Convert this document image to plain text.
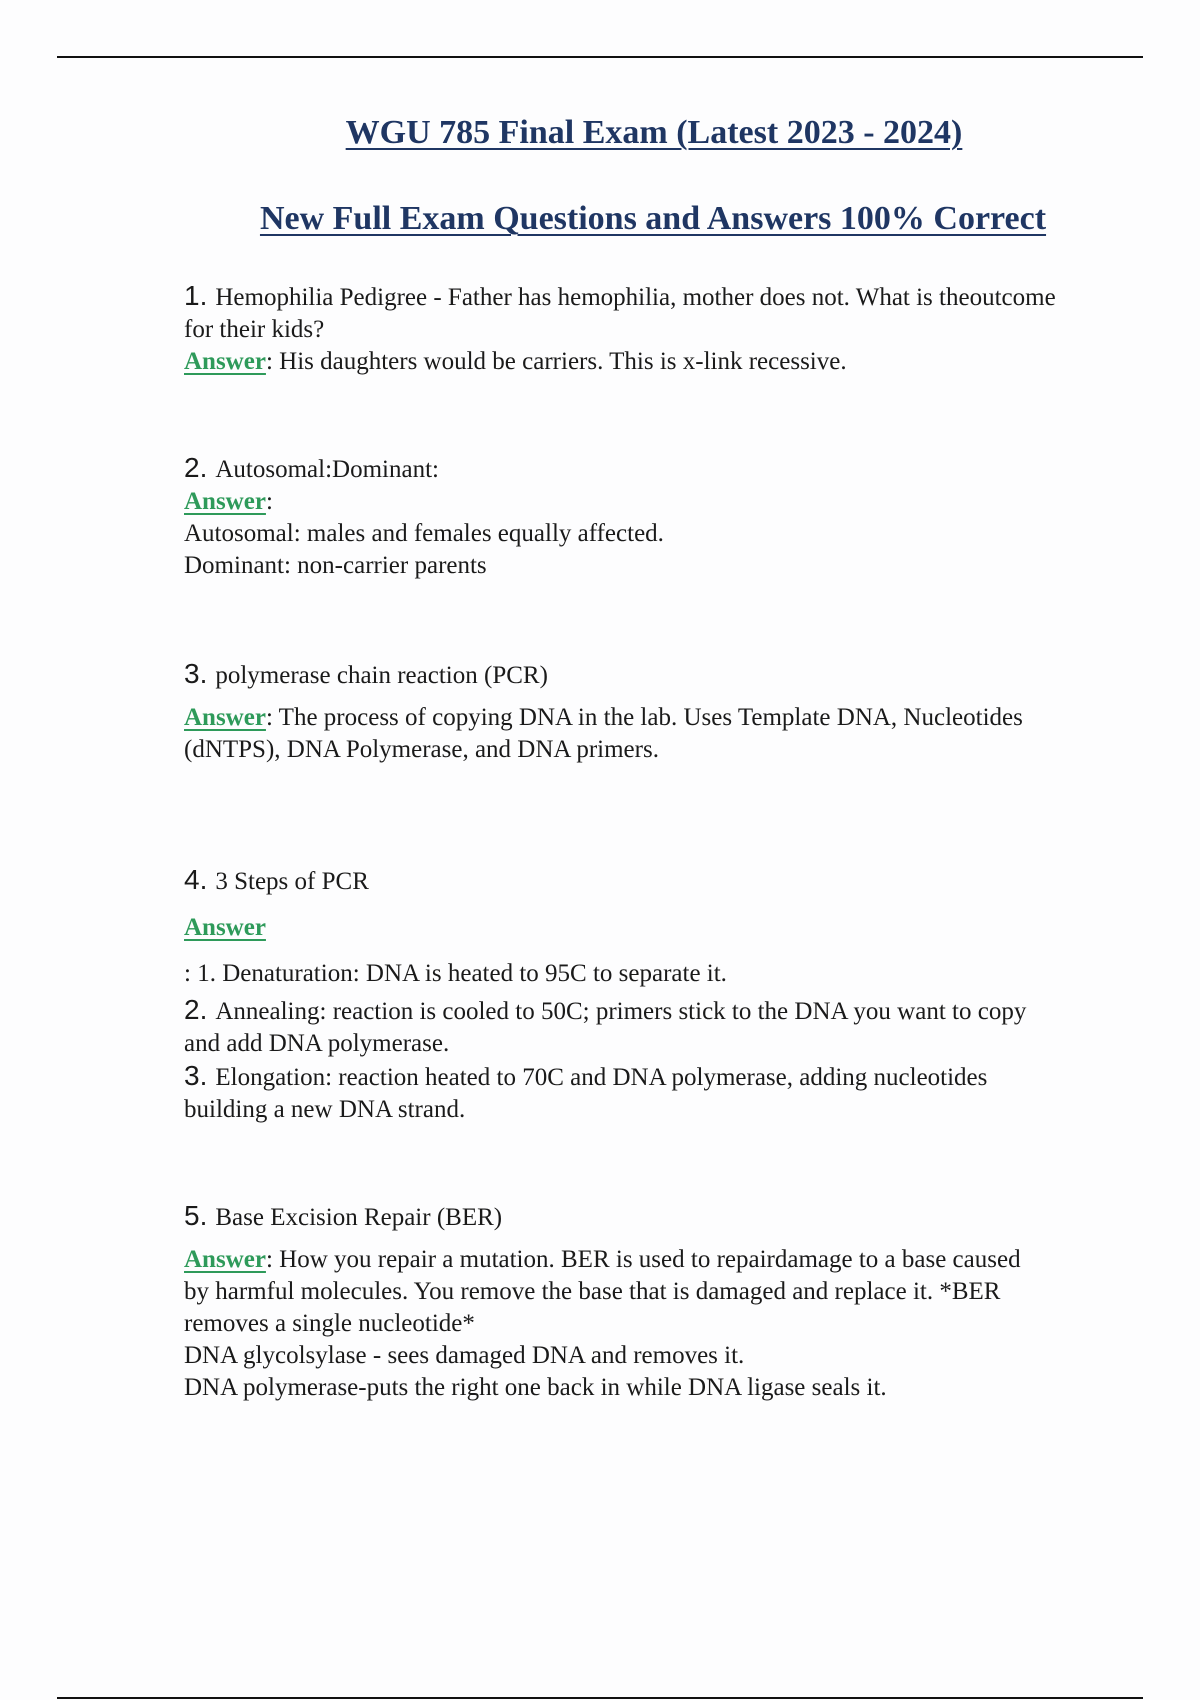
WGU 785 Final Exam (Latest 2023 - 2024)
New Full Exam Questions and Answers 100% Correct
1. Hemophilia Pedigree - Father has hemophilia, mother does not. What is theoutcome
for their kids?
Answer: His daughters would be carriers. This is x-link recessive.
2. Autosomal:Dominant:
Answer:
Autosomal: males and females equally affected.
Dominant: non-carrier parents
3. polymerase chain reaction (PCR)
Answer: The process of copying DNA in the lab. Uses Template DNA, Nucleotides
(dNTPS), DNA Polymerase, and DNA primers.
4. 3 Steps of PCR
Answer
: 1. Denaturation: DNA is heated to 95C to separate it.
2. Annealing: reaction is cooled to 50C; primers stick to the DNA you want to copy
and add DNA polymerase.
3. Elongation: reaction heated to 70C and DNA polymerase, adding nucleotides
building a new DNA strand.
5. Base Excision Repair (BER)
Answer: How you repair a mutation. BER is used to repairdamage to a base caused
by harmful molecules. You remove the base that is damaged and replace it. *BER
removes a single nucleotide*
DNA glycolsylase - sees damaged DNA and removes it.
DNA polymerase-puts the right one back in while DNA ligase seals it.
